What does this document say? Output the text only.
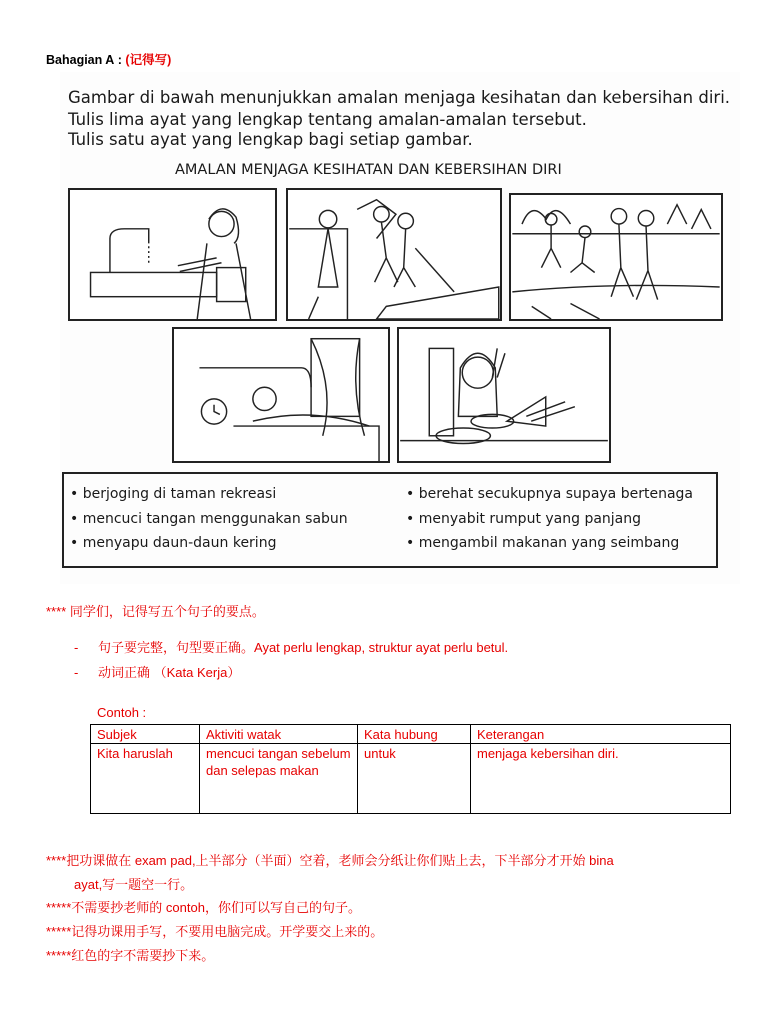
Bahagian A : (记得写)
Gambar di bawah menunjukkan amalan menjaga kesihatan dan kebersihan diri.
Tulis lima ayat yang lengkap tentang amalan-amalan tersebut.
Tulis satu ayat yang lengkap bagi setiap gambar.
AMALAN MENJAGA KESIHATAN DAN KEBERSIHAN DIRI
• berjoging di taman rekreasi
• mencuci tangan menggunakan sabun
• menyapu daun-daun kering
• berehat secukupnya supaya bertenaga
• menyabit rumput yang panjang
• mengambil makanan yang seimbang
**** 同学们，记得写五个句子的要点。
- 句子要完整，句型要正确。Ayat perlu lengkap, struktur ayat perlu betul.
- 动词正确 （Kata Kerja）
Contoh :
Subjek	Aktiviti watak	Kata hubung	Keterangan
Kita haruslah	mencuci tangan sebelum dan selepas makan	untuk	menjaga kebersihan diri.
****把功课做在 exam pad,上半部分（半面）空着，老师会分纸让你们贴上去，下半部分才开始 bina
ayat,写一题空一行。
*****不需要抄老师的 contoh，你们可以写自己的句子。
*****记得功课用手写，不要用电脑完成。开学要交上来的。
*****红色的字不需要抄下来。
